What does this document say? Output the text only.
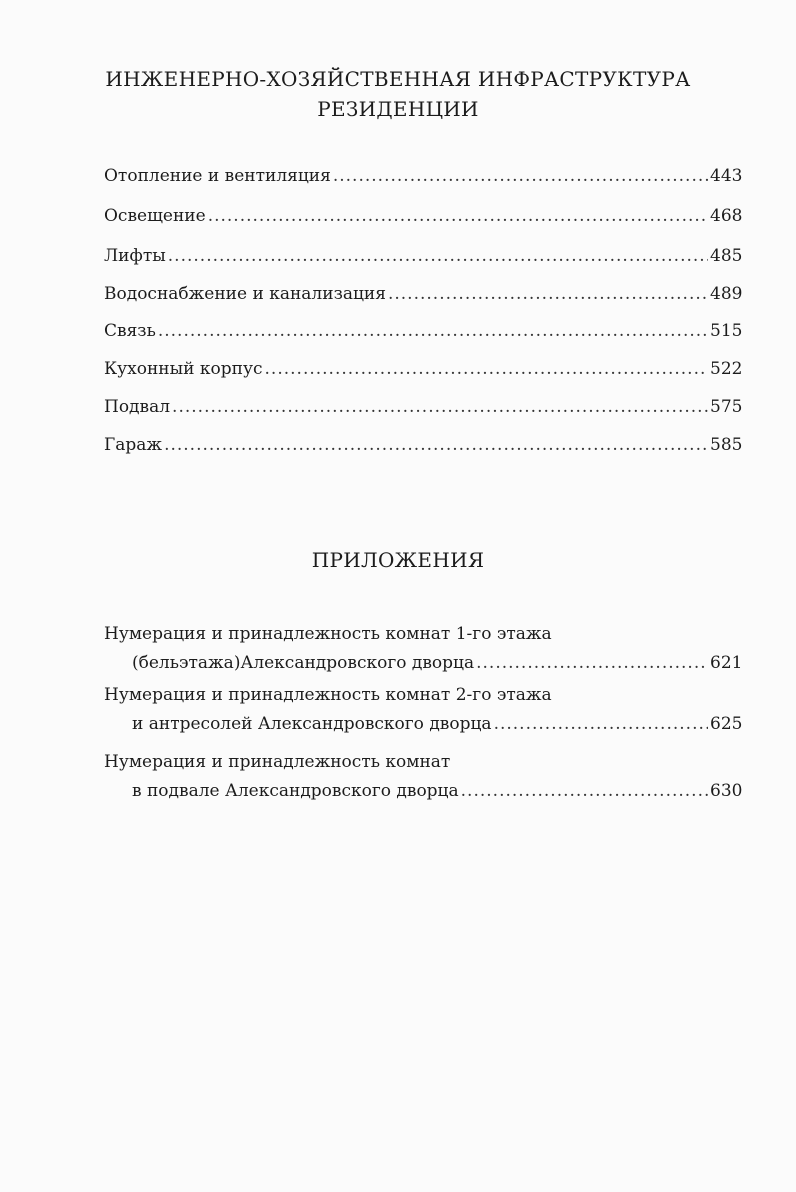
ИНЖЕНЕРНО-ХОЗЯЙСТВЕННАЯ ИНФРАСТРУКТУРА
РЕЗИДЕНЦИИ
Отопление и вентиляция .....	443
Освещение .....	468
Лифты .....	485
Водоснабжение и канализация .....	489
Связь .....	515
Кухонный корпус .....	522
Подвал .....	575
Гараж .....	585
ПРИЛОЖЕНИЯ
Нумерация и принадлежность комнат 1-го этажа
(бельэтажа)Александровского дворца .....	621
Нумерация и принадлежность комнат 2-го этажа
и антресолей Александровского дворца .....	625
Нумерация и принадлежность комнат
в подвале Александровского дворца .....	630
